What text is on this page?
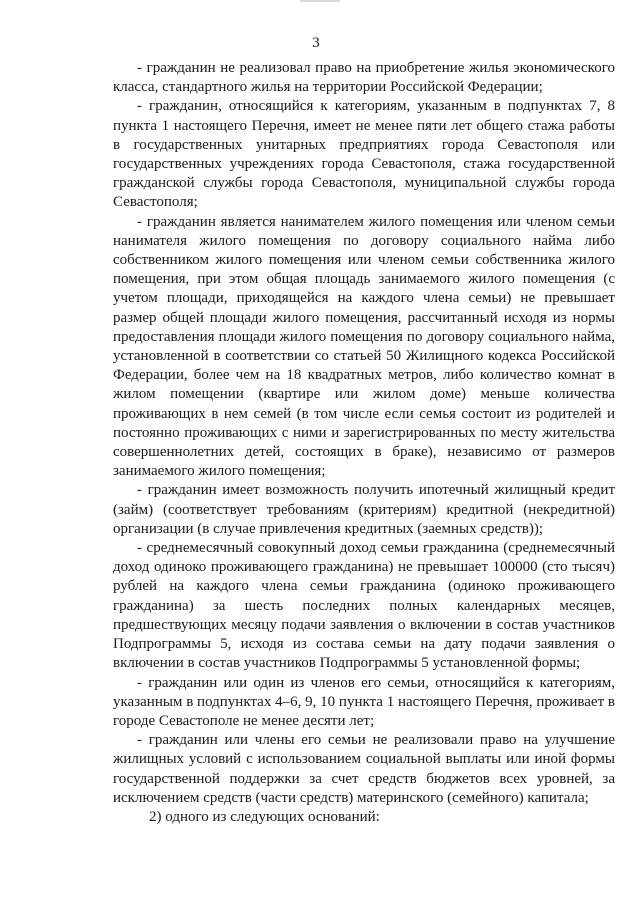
3

- гражданин не реализовал право на приобретение жилья экономического класса, стандартного жилья на территории Российской Федерации;

- гражданин, относящийся к категориям, указанным в подпунктах 7, 8 пункта 1 настоящего Перечня, имеет не менее пяти лет общего стажа работы в государственных унитарных предприятиях города Севастополя или государственных учреждениях города Севастополя, стажа государственной гражданской службы города Севастополя, муниципальной службы города Севастополя;

- гражданин является нанимателем жилого помещения или членом семьи нанимателя жилого помещения по договору социального найма либо собственником жилого помещения или членом семьи собственника жилого помещения, при этом общая площадь занимаемого жилого помещения (с учетом площади, приходящейся на каждого члена семьи) не превышает размер общей площади жилого помещения, рассчитанный исходя из нормы предоставления площади жилого помещения по договору социального найма, установленной в соответствии со статьей 50 Жилищного кодекса Российской Федерации, более чем на 18 квадратных метров, либо количество комнат в жилом помещении (квартире или жилом доме) меньше количества проживающих в нем семей (в том числе если семья состоит из родителей и постоянно проживающих с ними и зарегистрированных по месту жительства совершеннолетних детей, состоящих в браке), независимо от размеров занимаемого жилого помещения;

- гражданин имеет возможность получить ипотечный жилищный кредит (займ) (соответствует требованиям (критериям) кредитной (некредитной) организации (в случае привлечения кредитных (заемных средств));

- среднемесячный совокупный доход семьи гражданина (среднемесячный доход одиноко проживающего гражданина) не превышает 100000 (сто тысяч) рублей на каждого члена семьи гражданина (одиноко проживающего гражданина) за шесть последних полных календарных месяцев, предшествующих месяцу подачи заявления о включении в состав участников Подпрограммы 5, исходя из состава семьи на дату подачи заявления о включении в состав участников Подпрограммы 5 установленной формы;

- гражданин или один из членов его семьи, относящийся к категориям, указанным в подпунктах 4–6, 9, 10 пункта 1 настоящего Перечня, проживает в городе Севастополе не менее десяти лет;

- гражданин или члены его семьи не реализовали право на улучшение жилищных условий с использованием социальной выплаты или иной формы государственной поддержки за счет средств бюджетов всех уровней, за исключением средств (части средств) материнского (семейного) капитала;

2) одного из следующих оснований:
